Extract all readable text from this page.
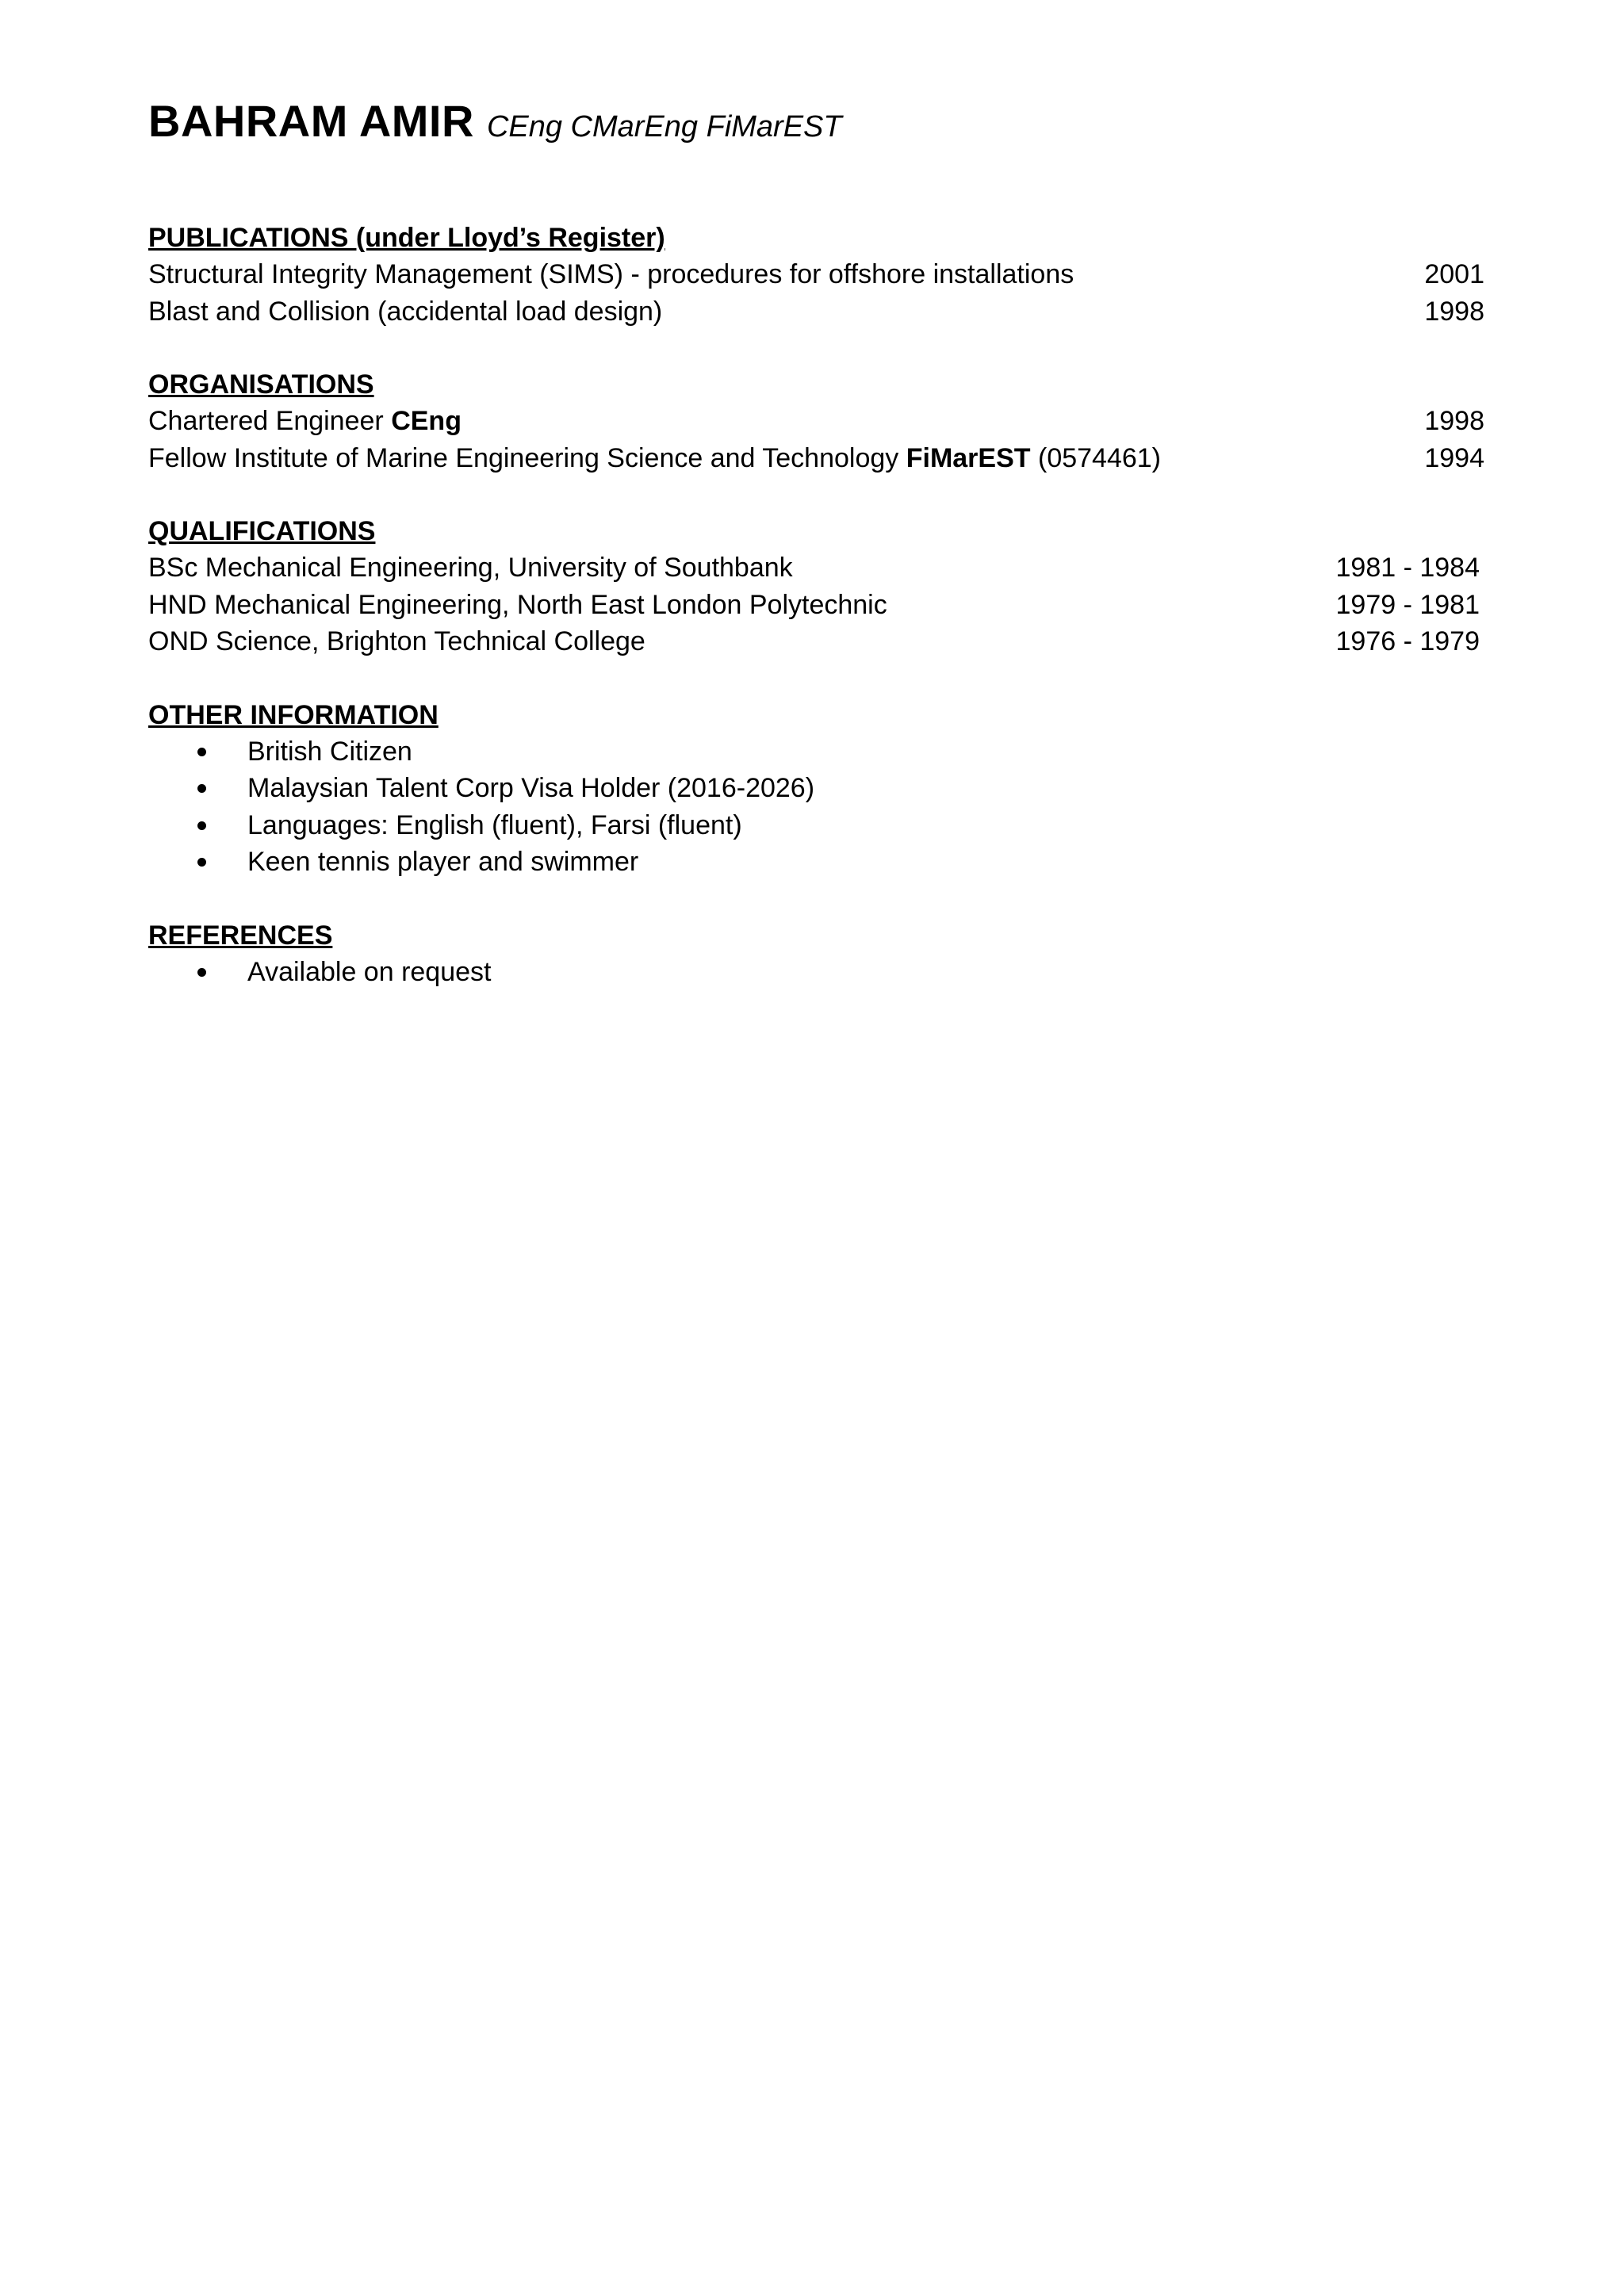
BAHRAM AMIR CEng CMarEng FiMarEST
PUBLICATIONS (under Lloyd’s Register)
Structural Integrity Management (SIMS) - procedures for offshore installations	2001
Blast and Collision (accidental load design)	1998
ORGANISATIONS
Chartered Engineer CEng	1998
Fellow Institute of Marine Engineering Science and Technology FiMarEST (0574461)	1994
QUALIFICATIONS
BSc Mechanical Engineering, University of Southbank	1981 - 1984
HND Mechanical Engineering, North East London Polytechnic	1979 - 1981
OND Science, Brighton Technical College	1976 - 1979
OTHER INFORMATION
British Citizen
Malaysian Talent Corp Visa Holder (2016-2026)
Languages: English (fluent), Farsi (fluent)
Keen tennis player and swimmer
REFERENCES
Available on request
